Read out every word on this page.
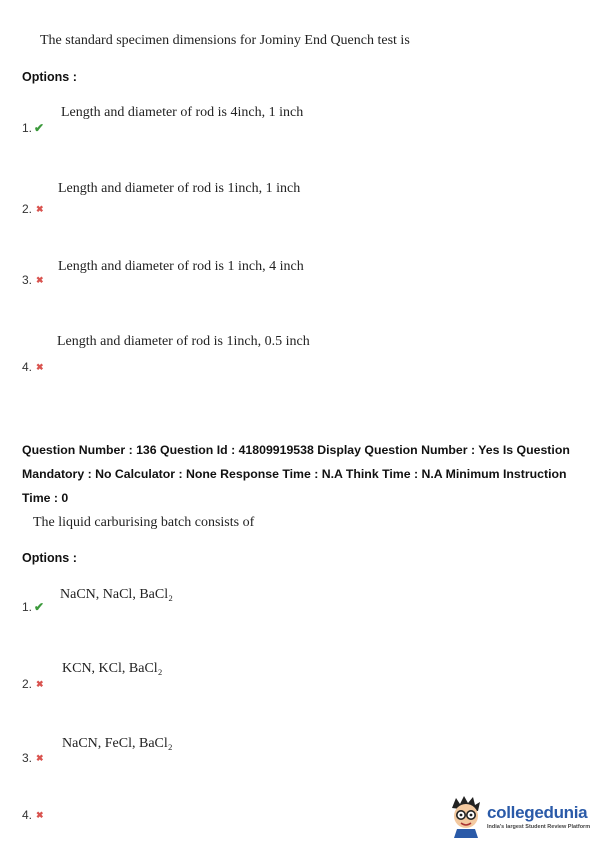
The standard specimen dimensions for Jominy End Quench test is
Options :
Length and diameter of rod is 4inch, 1 inch
1. ✔
Length and diameter of rod is 1inch, 1 inch
2. ✖
Length and diameter of rod is 1 inch, 4 inch
3. ✖
Length and diameter of rod is 1inch, 0.5 inch
4. ✖
Question Number : 136 Question Id : 41809919538 Display Question Number : Yes Is Question Mandatory : No Calculator : None Response Time : N.A Think Time : N.A Minimum Instruction Time : 0
The liquid carburising batch consists of
Options :
NaCN, NaCl, BaCl₂
1. ✔
KCN, KCl, BaCl₂
2. ✖
NaCN, FeCl, BaCl₂
3. ✖
4. ✖	collegedunia
India's largest Student Review Platform
